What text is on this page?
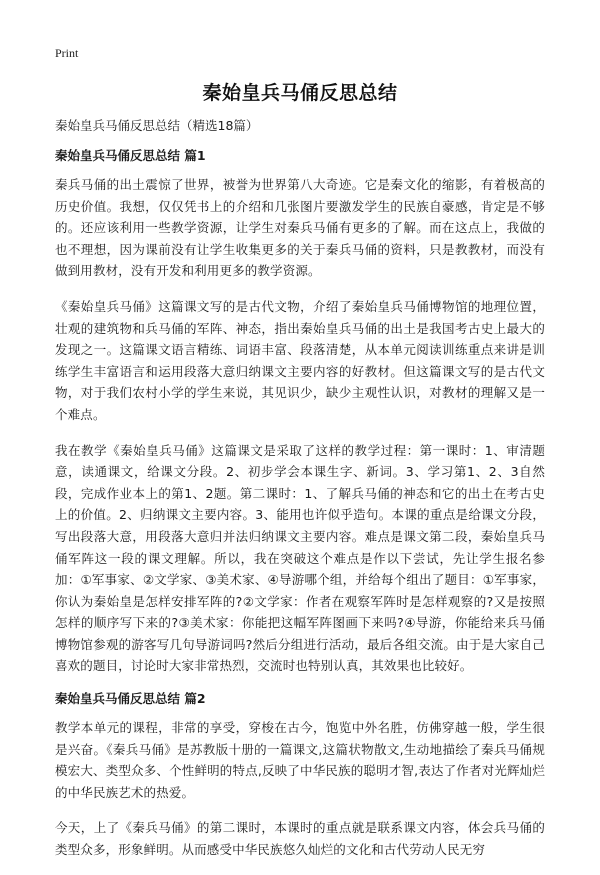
Print
秦始皇兵马俑反思总结

秦始皇兵马俑反思总结（精选18篇）

秦始皇兵马俑反思总结 篇1

秦兵马俑的出土震惊了世界，被誉为世界第八大奇迹。它是秦文化的缩影，有着极高的历史价值。我想，仅仅凭书上的介绍和几张图片要激发学生的民族自豪感，肯定是不够的。还应该利用一些教学资源，让学生对秦兵马俑有更多的了解。而在这点上，我做的也不理想，因为课前没有让学生收集更多的关于秦兵马俑的资料，只是教教材，而没有做到用教材，没有开发和利用更多的教学资源。

《秦始皇兵马俑》这篇课文写的是古代文物，介绍了秦始皇兵马俑博物馆的地理位置，壮观的建筑物和兵马俑的军阵、神态，指出秦始皇兵马俑的出土是我国考古史上最大的发现之一。这篇课文语言精练、词语丰富、段落清楚，从本单元阅读训练重点来讲是训练学生丰富语言和运用段落大意归纳课文主要内容的好教材。但这篇课文写的是古代文物，对于我们农村小学的学生来说，其见识少，缺少主观性认识，对教材的理解又是一个难点。

我在教学《秦始皇兵马俑》这篇课文是采取了这样的教学过程：第一课时：1、审清题意，读通课文，给课文分段。2、初步学会本课生字、新词。3、学习第1、2、3自然段，完成作业本上的第1、2题。第二课时：1、了解兵马俑的神态和它的出土在考古史上的价值。2、归纳课文主要内容。3、能用也许似乎造句。本课的重点是给课文分段，写出段落大意，用段落大意归并法归纳课文主要内容。难点是课文第二段，秦始皇兵马俑军阵这一段的课文理解。所以，我在突破这个难点是作以下尝试，先让学生报名参加：①军事家、②文学家、③美术家、④导游哪个组，并给每个组出了题目：①军事家，你认为秦始皇是怎样安排军阵的?②文学家：作者在观察军阵时是怎样观察的?又是按照怎样的顺序写下来的?③美术家：你能把这幅军阵图画下来吗?④导游，你能给来兵马俑博物馆参观的游客写几句导游词吗?然后分组进行活动，最后各组交流。由于是大家自己喜欢的题目，讨论时大家非常热烈，交流时也特别认真，其效果也比较好。

秦始皇兵马俑反思总结 篇2

教学本单元的课程，非常的享受，穿梭在古今，饱览中外名胜，仿佛穿越一般，学生很是兴奋。《秦兵马俑》是苏教版十册的一篇课文,这篇状物散文,生动地描绘了秦兵马俑规模宏大、类型众多、个性鲜明的特点,反映了中华民族的聪明才智,表达了作者对光辉灿烂的中华民族艺术的热爱。

今天，上了《秦兵马俑》的第二课时，本课时的重点就是联系课文内容，体会兵马俑的类型众多，形象鲜明。从而感受中华民族悠久灿烂的文化和古代劳动人民无穷
